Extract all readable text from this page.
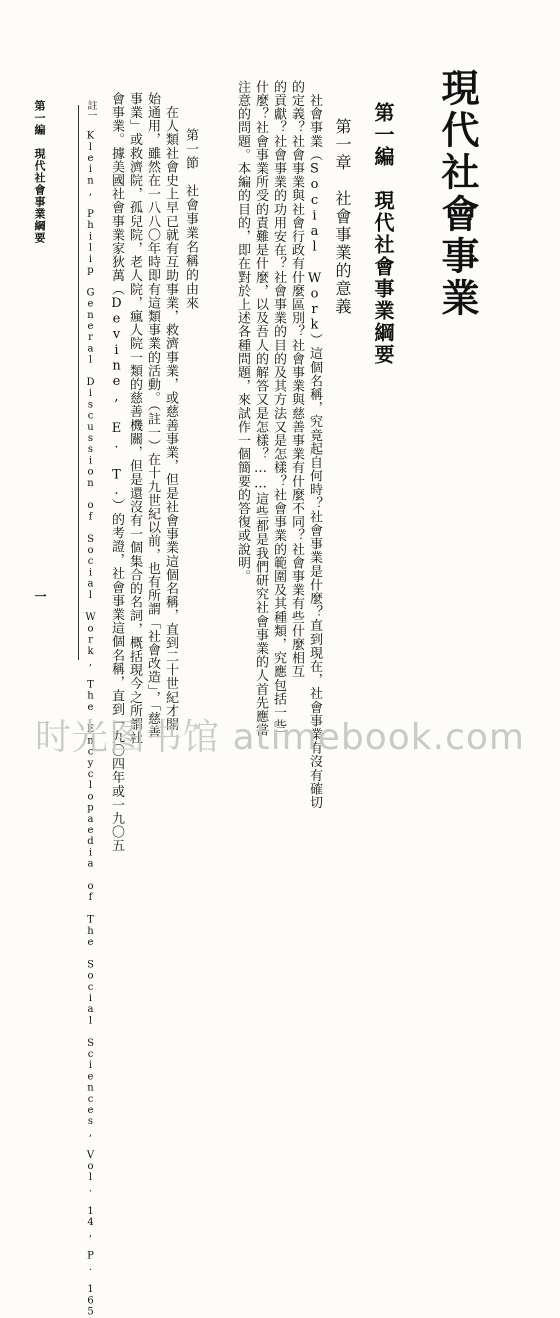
現代社會事業
第一編　現代社會事業綱要
第一章　社會事業的意義
　社會事業（Social Work）這個名稱，究竟起自何時？社會事業是什麼？直到現在，社會事業有沒有確切
的定義？社會事業與社會行政有什麼區別？社會事業與慈善事業有什麼不同？社會事業有些什麼相互
的貢獻？社會事業的功用安在？社會事業的目的及其方法又是怎樣？社會事業的範圍及其種類，究應包括一些
什麼？社會事業所受的責難是什麼，以及吾人的解答又是怎樣？……這些都是我們研究社會事業的人首先應當
注意的問題。本編的目的，即在對於上述各種問題，來試作一個簡要的答復或說明。
第一節　社會事業名稱的由來
　在人類社會史上早已就有互助事業，救濟事業，或慈善事業，但是社會事業這個名稱，直到二十世紀才開
始通用，雖然在一八八〇年時即有這類事業的活動。（註一）在十九世紀以前，也有所謂「社會改造」，「慈善
事業」或救濟院，孤兒院，老人院，瘋人院一類的慈善機關，但是還沒有一個集合的名詞，概括現今之所謂社
會事業。據美國社會事業家狄萬（Devine, E. T.）的考證，社會事業這個名稱，直到一九〇四年或一九〇五
註一　Klein, Philip General Discussion of Social Work, The Encyclopaedia of The Social Sciences, Vol. 14, P. 165
第一編　現代社會事業綱要
一
时光图书馆 atimebook.com
